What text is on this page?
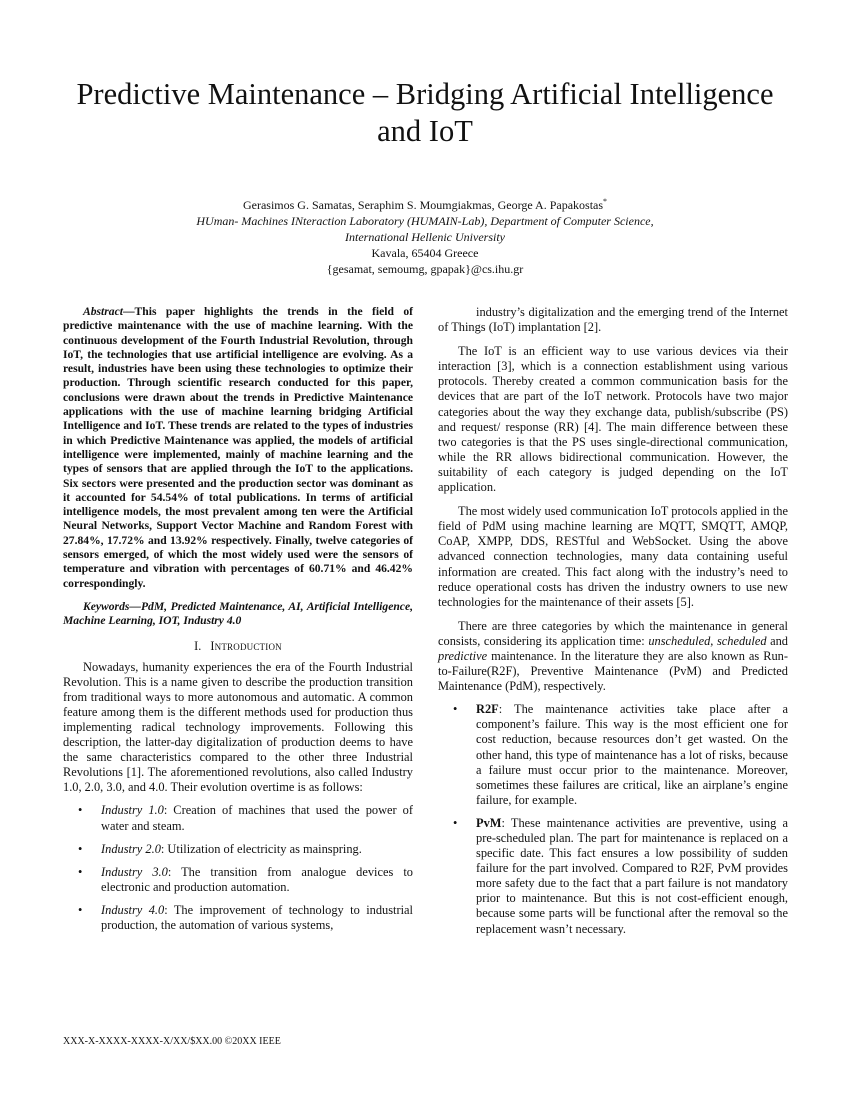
Predictive Maintenance – Bridging Artificial Intelligence and IoT
Gerasimos G. Samatas, Seraphim S. Moumgiakmas, George A. Papakostas*
HUman- Machines INteraction Laboratory (HUMAIN-Lab), Department of Computer Science,
International Hellenic University
Kavala, 65404 Greece
{gesamat, semoumg, gpapak}@cs.ihu.gr

Abstract—This paper highlights the trends in the field of predictive maintenance with the use of machine learning. With the continuous development of the Fourth Industrial Revolution, through IoT, the technologies that use artificial intelligence are evolving. As a result, industries have been using these technologies to optimize their production. Through scientific research conducted for this paper, conclusions were drawn about the trends in Predictive Maintenance applications with the use of machine learning bridging Artificial Intelligence and IoT. These trends are related to the types of industries in which Predictive Maintenance was applied, the models of artificial intelligence were implemented, mainly of machine learning and the types of sensors that are applied through the IoT to the applications. Six sectors were presented and the production sector was dominant as it accounted for 54.54% of total publications. In terms of artificial intelligence models, the most prevalent among ten were the Artificial Neural Networks, Support Vector Machine and Random Forest with 27.84%, 17.72% and 13.92% respectively. Finally, twelve categories of sensors emerged, of which the most widely used were the sensors of temperature and vibration with percentages of 60.71% and 46.42% correspondingly.

Keywords—PdM, Predicted Maintenance, AI, Artificial Intelligence, Machine Learning, IOT, Industry 4.0

I. Introduction

Nowadays, humanity experiences the era of the Fourth Industrial Revolution. This is a name given to describe the production transition from traditional ways to more autonomous and automatic. A common feature among them is the different methods used for production thus implementing radical technology improvements. Following this description, the latter-day digitalization of production deems to have the same characteristics compared to the other three Industrial Revolutions [1]. The aforementioned revolutions, also called Industry 1.0, 2.0, 3.0, and 4.0. Their evolution overtime is as follows:

• Industry 1.0: Creation of machines that used the power of water and steam.
• Industry 2.0: Utilization of electricity as mainspring.
• Industry 3.0: The transition from analogue devices to electronic and production automation.
• Industry 4.0: The improvement of technology to industrial production, the automation of various systems,

industry’s digitalization and the emerging trend of the Internet of Things (IoT) implantation [2].

The IoT is an efficient way to use various devices via their interaction [3], which is a connection establishment using various protocols. Thereby created a common communication basis for the devices that are part of the IoT network. Protocols have two major categories about the way they exchange data, publish/subscribe (PS) and request/ response (RR) [4]. The main difference between these two categories is that the PS uses single-directional communication, while the RR allows bidirectional communication. However, the suitability of each category is judged depending on the IoT application.

The most widely used communication IoT protocols applied in the field of PdM using machine learning are MQTT, SMQTT, AMQP, CoAP, XMPP, DDS, RESTful and WebSocket. Using the above advanced connection technologies, many data containing useful information are created. This fact along with the industry’s need to reduce operational costs has driven the industry owners to use new technologies for the maintenance of their assets [5].

There are three categories by which the maintenance in general consists, considering its application time: unscheduled, scheduled and predictive maintenance. In the literature they are also known as Run-to-Failure(R2F), Preventive Maintenance (PvM) and Predicted Maintenance (PdM), respectively.

• R2F: The maintenance activities take place after a component’s failure. This way is the most efficient one for cost reduction, because resources don’t get wasted. On the other hand, this type of maintenance has a lot of risks, because a failure must occur prior to the maintenance. Moreover, sometimes these failures are critical, like an airplane’s engine failure, for example.
• PvM: These maintenance activities are preventive, using a pre-scheduled plan. The part for maintenance is replaced on a specific date. This fact ensures a low possibility of sudden failure for the part involved. Compared to R2F, PvM provides more safety due to the fact that a part failure is not mandatory prior to maintenance. But this is not cost-efficient enough, because some parts will be functional after the removal so the replacement wasn’t necessary.
XXX-X-XXXX-XXXX-X/XX/$XX.00 ©20XX IEEE
